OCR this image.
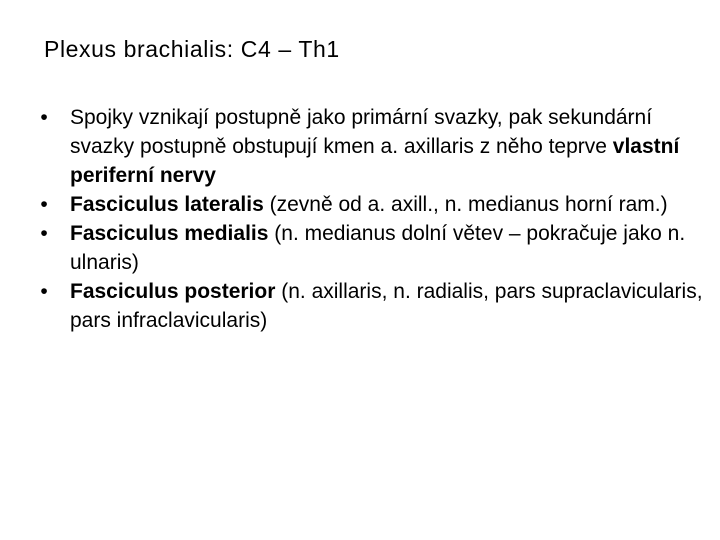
Plexus brachialis: C4 – Th1
•	Spojky vznikají postupně jako primární svazky, pak sekundární svazky postupně obstupují kmen a. axillaris z něho teprve vlastní periferní nervy
•	Fasciculus lateralis (zevně od a. axill., n. medianus horní ram.)
•	Fasciculus medialis (n. medianus dolní větev – pokračuje jako n. ulnaris)
•	Fasciculus posterior (n. axillaris, n. radialis, pars supraclavicularis, pars infraclavicularis)
